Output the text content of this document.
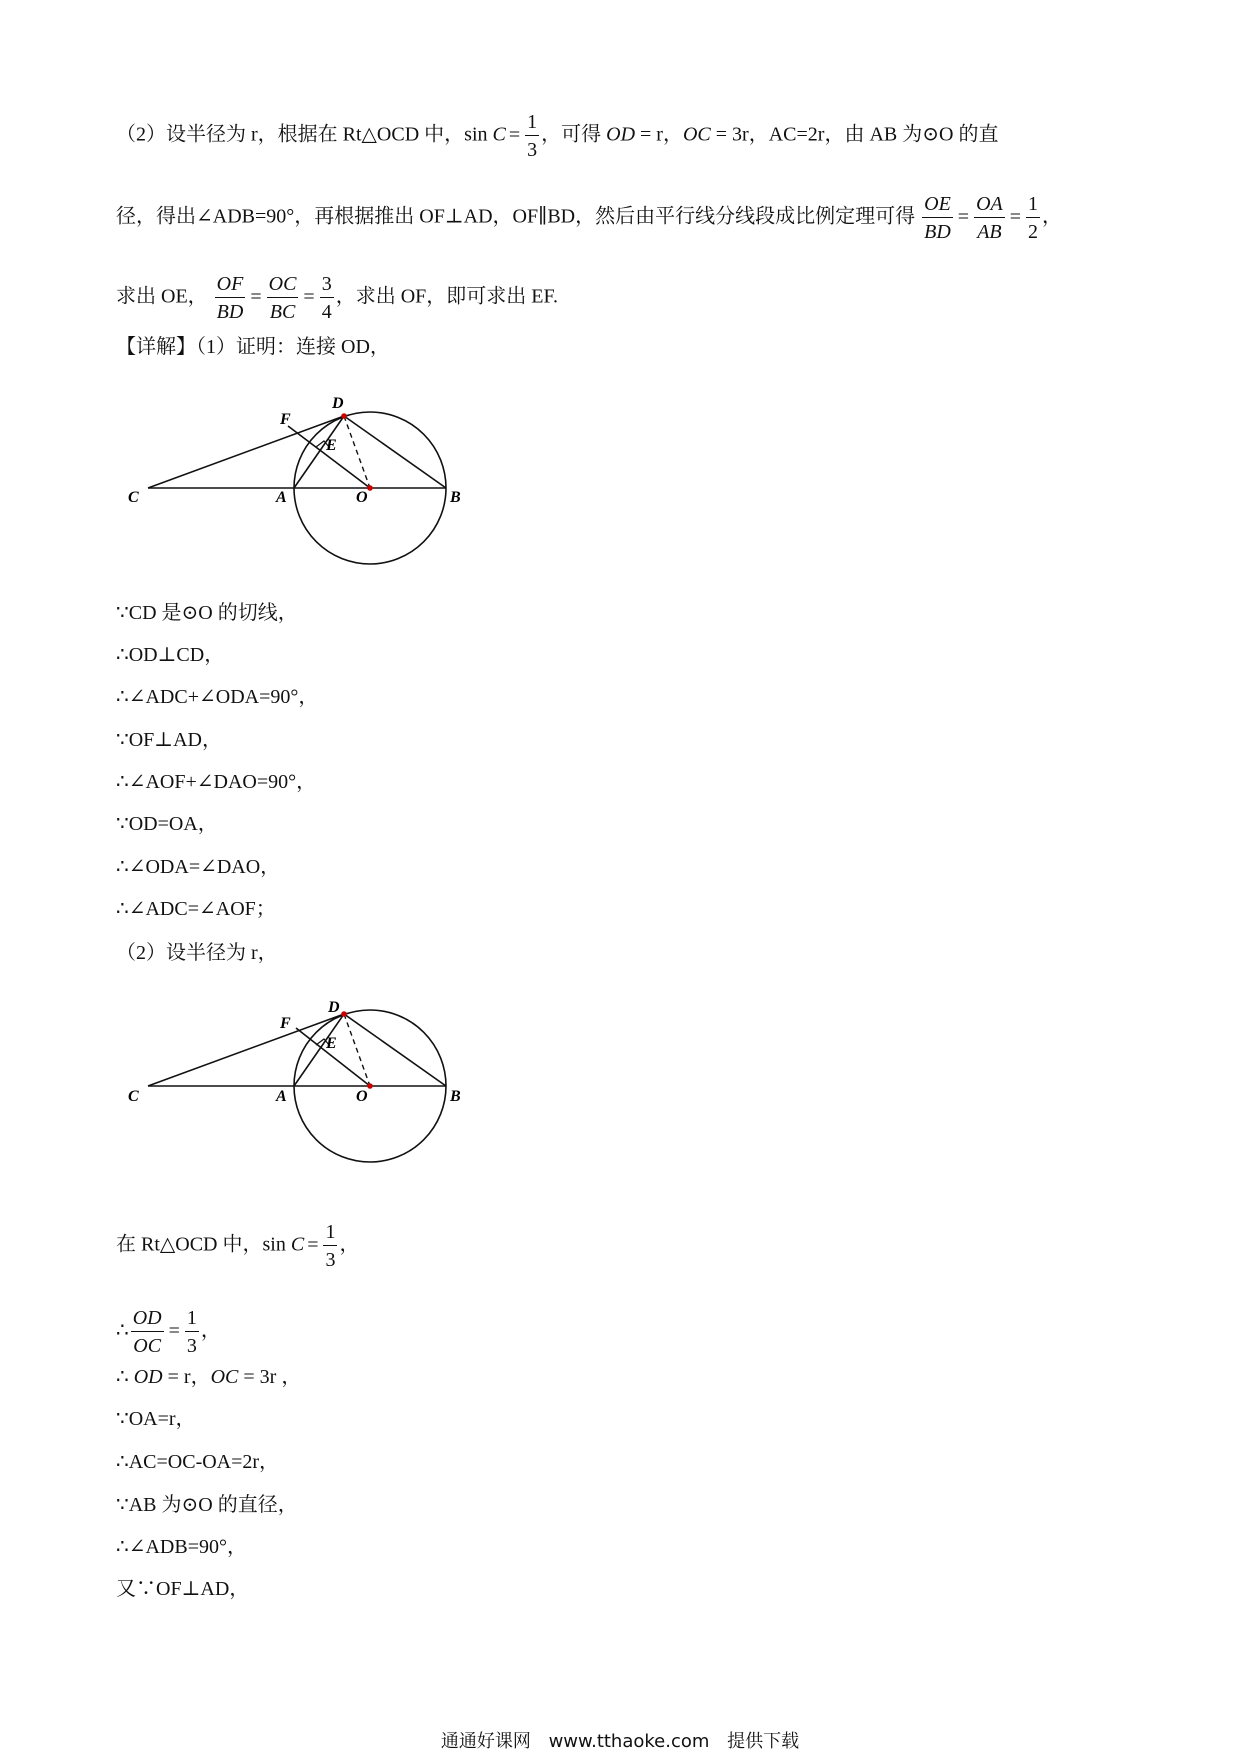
（2）设半径为 r，根据在 Rt△OCD 中，$\sin C = \frac{1}{3}$ ，可得 OD = r，OC = 3r，AC=2r，由 AB 为⊙O 的直
径，得出∠ADB=90°，再根据推出 OF⊥AD，OF∥BD，然后由平行线分线段成比例定理可得 $\frac{OE}{BD} = \frac{OA}{AB} = \frac{1}{2}$ ，
求出 OE， $\frac{OF}{BD} = \frac{OC}{BC} = \frac{3}{4}$ ，求出 OF，即可求出 EF.
【详解】（1）证明：连接 OD，
C	A	O	B
D
F
E
∵CD 是⊙O 的切线，
∴OD⊥CD，
∴∠ADC+∠ODA=90°，
∵OF⊥AD，
∴∠AOF+∠DAO=90°，
∵OD=OA，
∴∠ODA=∠DAO，
∴∠ADC=∠AOF；
（2）设半径为 r，
C	A	O	B
D
F
E
在 Rt△OCD 中，$\sin C = \frac{1}{3}$ ，
∴ $\frac{OD}{OC} = \frac{1}{3}$ ，
∴ OD = r，OC = 3r ，
∵OA=r，
∴AC=OC-OA=2r，
∵AB 为⊙O 的直径，
∴∠ADB=90°，
又∵OF⊥AD，
通通好课网 www.tthaoke.com 提供下载
